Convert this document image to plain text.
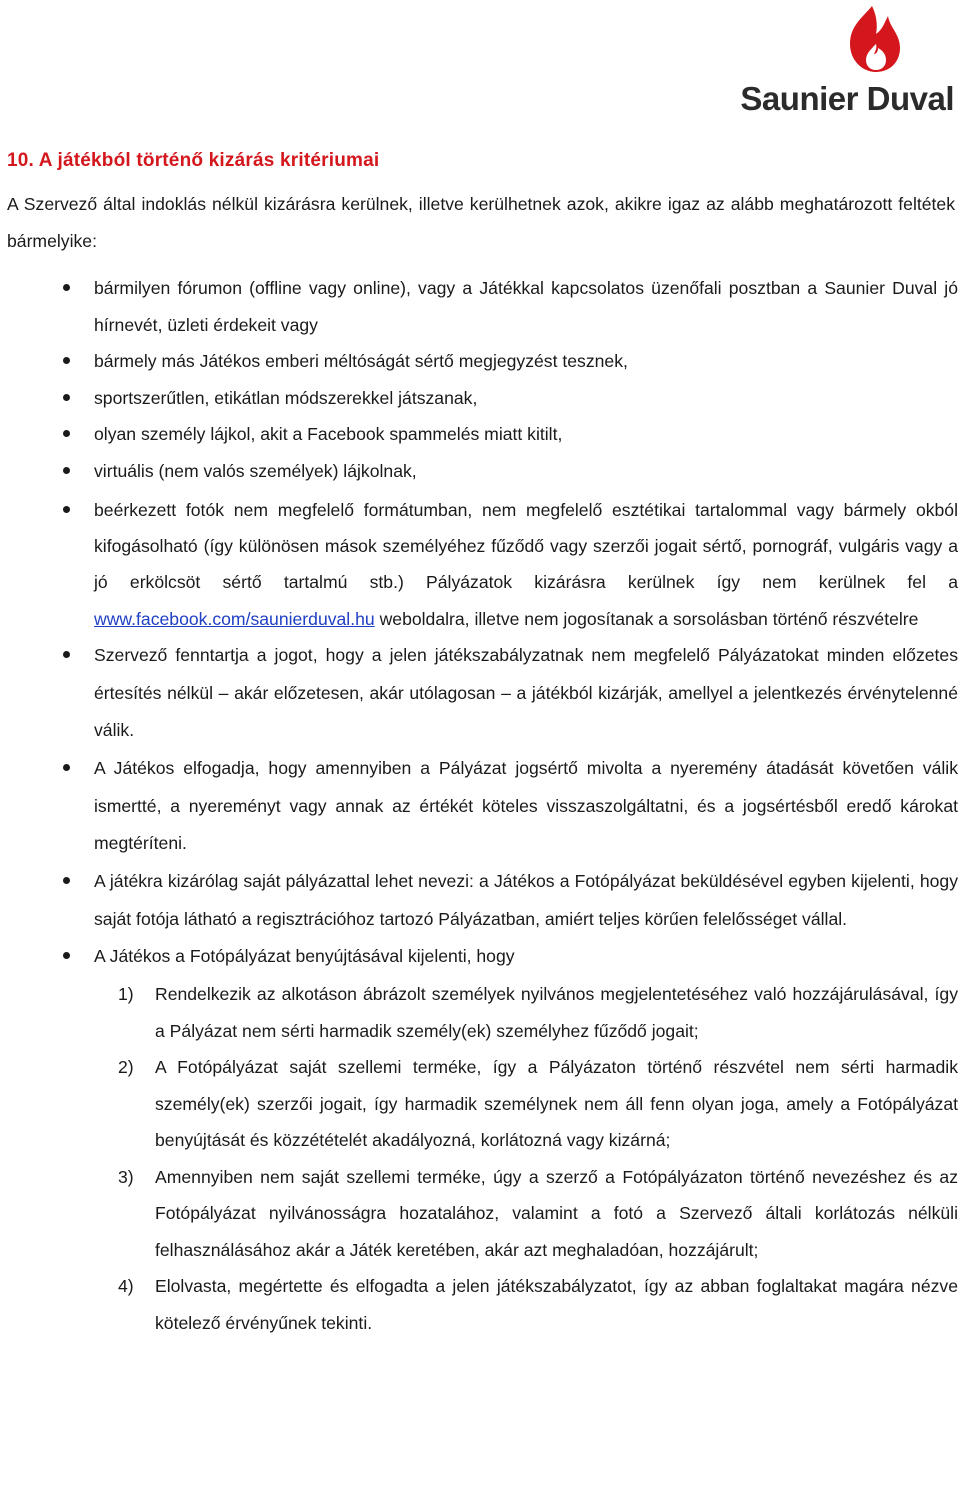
Saunier Duval
10. A játékból történő kizárás kritériumai
A Szervező által indoklás nélkül kizárásra kerülnek, illetve kerülhetnek azok, akikre igaz az alább meghatározott feltétek bármelyike:
bármilyen fórumon (offline vagy online), vagy a Játékkal kapcsolatos üzenőfali posztban a Saunier Duval jó hírnevét, üzleti érdekeit vagy
bármely más Játékos emberi méltóságát sértő megjegyzést tesznek,
sportszerűtlen, etikátlan módszerekkel játszanak,
olyan személy lájkol, akit a Facebook spammelés miatt kitilt,
virtuális (nem valós személyek) lájkolnak,
beérkezett fotók nem megfelelő formátumban, nem megfelelő esztétikai tartalommal vagy bármely okból kifogásolható (így különösen mások személyéhez fűződő vagy szerzői jogait sértő, pornográf, vulgáris vagy a jó erkölcsöt sértő tartalmú stb.) Pályázatok kizárásra kerülnek így nem kerülnek fel a www.facebook.com/saunierduval.hu weboldalra, illetve nem jogosítanak a sorsolásban történő részvételre
Szervező fenntartja a jogot, hogy a jelen játékszabályzatnak nem megfelelő Pályázatokat minden előzetes értesítés nélkül – akár előzetesen, akár utólagosan – a játékból kizárják, amellyel a jelentkezés érvénytelenné válik.
A Játékos elfogadja, hogy amennyiben a Pályázat jogsértő mivolta a nyeremény átadását követően válik ismertté, a nyereményt vagy annak az értékét köteles visszaszolgáltatni, és a jogsértésből eredő károkat megtéríteni.
A játékra kizárólag saját pályázattal lehet nevezi: a Játékos a Fotópályázat beküldésével egyben kijelenti, hogy saját fotója látható a regisztrációhoz tartozó Pályázatban, amiért teljes körűen felelősséget vállal.
A Játékos a Fotópályázat benyújtásával kijelenti, hogy
1) Rendelkezik az alkotáson ábrázolt személyek nyilvános megjelentetéséhez való hozzájárulásával, így a Pályázat nem sérti harmadik személy(ek) személyhez fűződő jogait;
2) A Fotópályázat saját szellemi terméke, így a Pályázaton történő részvétel nem sérti harmadik személy(ek) szerzői jogait, így harmadik személynek nem áll fenn olyan joga, amely a Fotópályázat benyújtását és közzétételét akadályozná, korlátozná vagy kizárná;
3) Amennyiben nem saját szellemi terméke, úgy a szerző a Fotópályázaton történő nevezéshez és az Fotópályázat nyilvánosságra hozatalához, valamint a fotó a Szervező általi korlátozás nélküli felhasználásához akár a Játék keretében, akár azt meghaladóan, hozzájárult;
4) Elolvasta, megértette és elfogadta a jelen játékszabályzatot, így az abban foglaltakat magára nézve kötelező érvényűnek tekinti.
